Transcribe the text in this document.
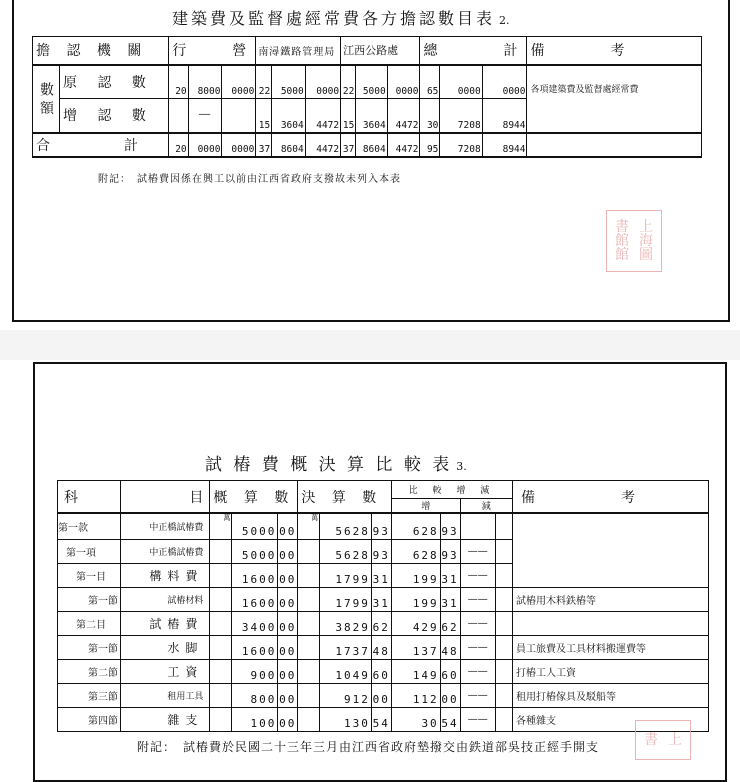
建築費及監督處經常費各方擔認數目表 2.
擔 認 機 關		行　　營			南潯鐵路管理局			江西公路處			總　　　計			備　　　考
數 額	原 認 數	20	8000	0000	22	5000	0000	22	5000	0000	65	0000	0000	各項建築費及監督處經常費
	增 認 數		——		15	3604	4472	15	3604	4472	30	7208	8944	
合　　　計		20	0000	0000	37	8604	4472	37	8604	4472	95	7208	8944	
附記：　試樁費因係在興工以前由江西省政府支撥故未列入本表
書 上
館 海
館 圖
試 樁 費 概 決 算 比 較 表 3.
科	目	概 算 數			決 算 數			比 較 增 減				備　　　　考
								增		減		
第一款	中正橋試樁費	萬	5000	00	萬	5628	93	628	93			
第一項	中正橋試樁費		5000	00		5628	93	628	93	——		
第一目	構料費		1600	00		1799	31	199	31	——		
第一節	試樁材料		1600	00		1799	31	199	31	——		試樁用木料鉄樁等
第二目	試樁費		3400	00		3829	62	429	62	——		
第一節	水脚		1600	00		1737	48	137	48	——		員工旅費及工具材料搬運費等
第二節	工資		900	00		1049	60	149	60	——		打樁工人工資
第三節	租用工具		800	00		912	00	112	00	——		租用打樁傢具及駁船等
第四節	雜支		100	00		130	54	30	54	——		各種雜支
附記：　試樁費於民國二十三年三月由江西省政府墊撥交由鉄道部吳技正經手開支	書 上
